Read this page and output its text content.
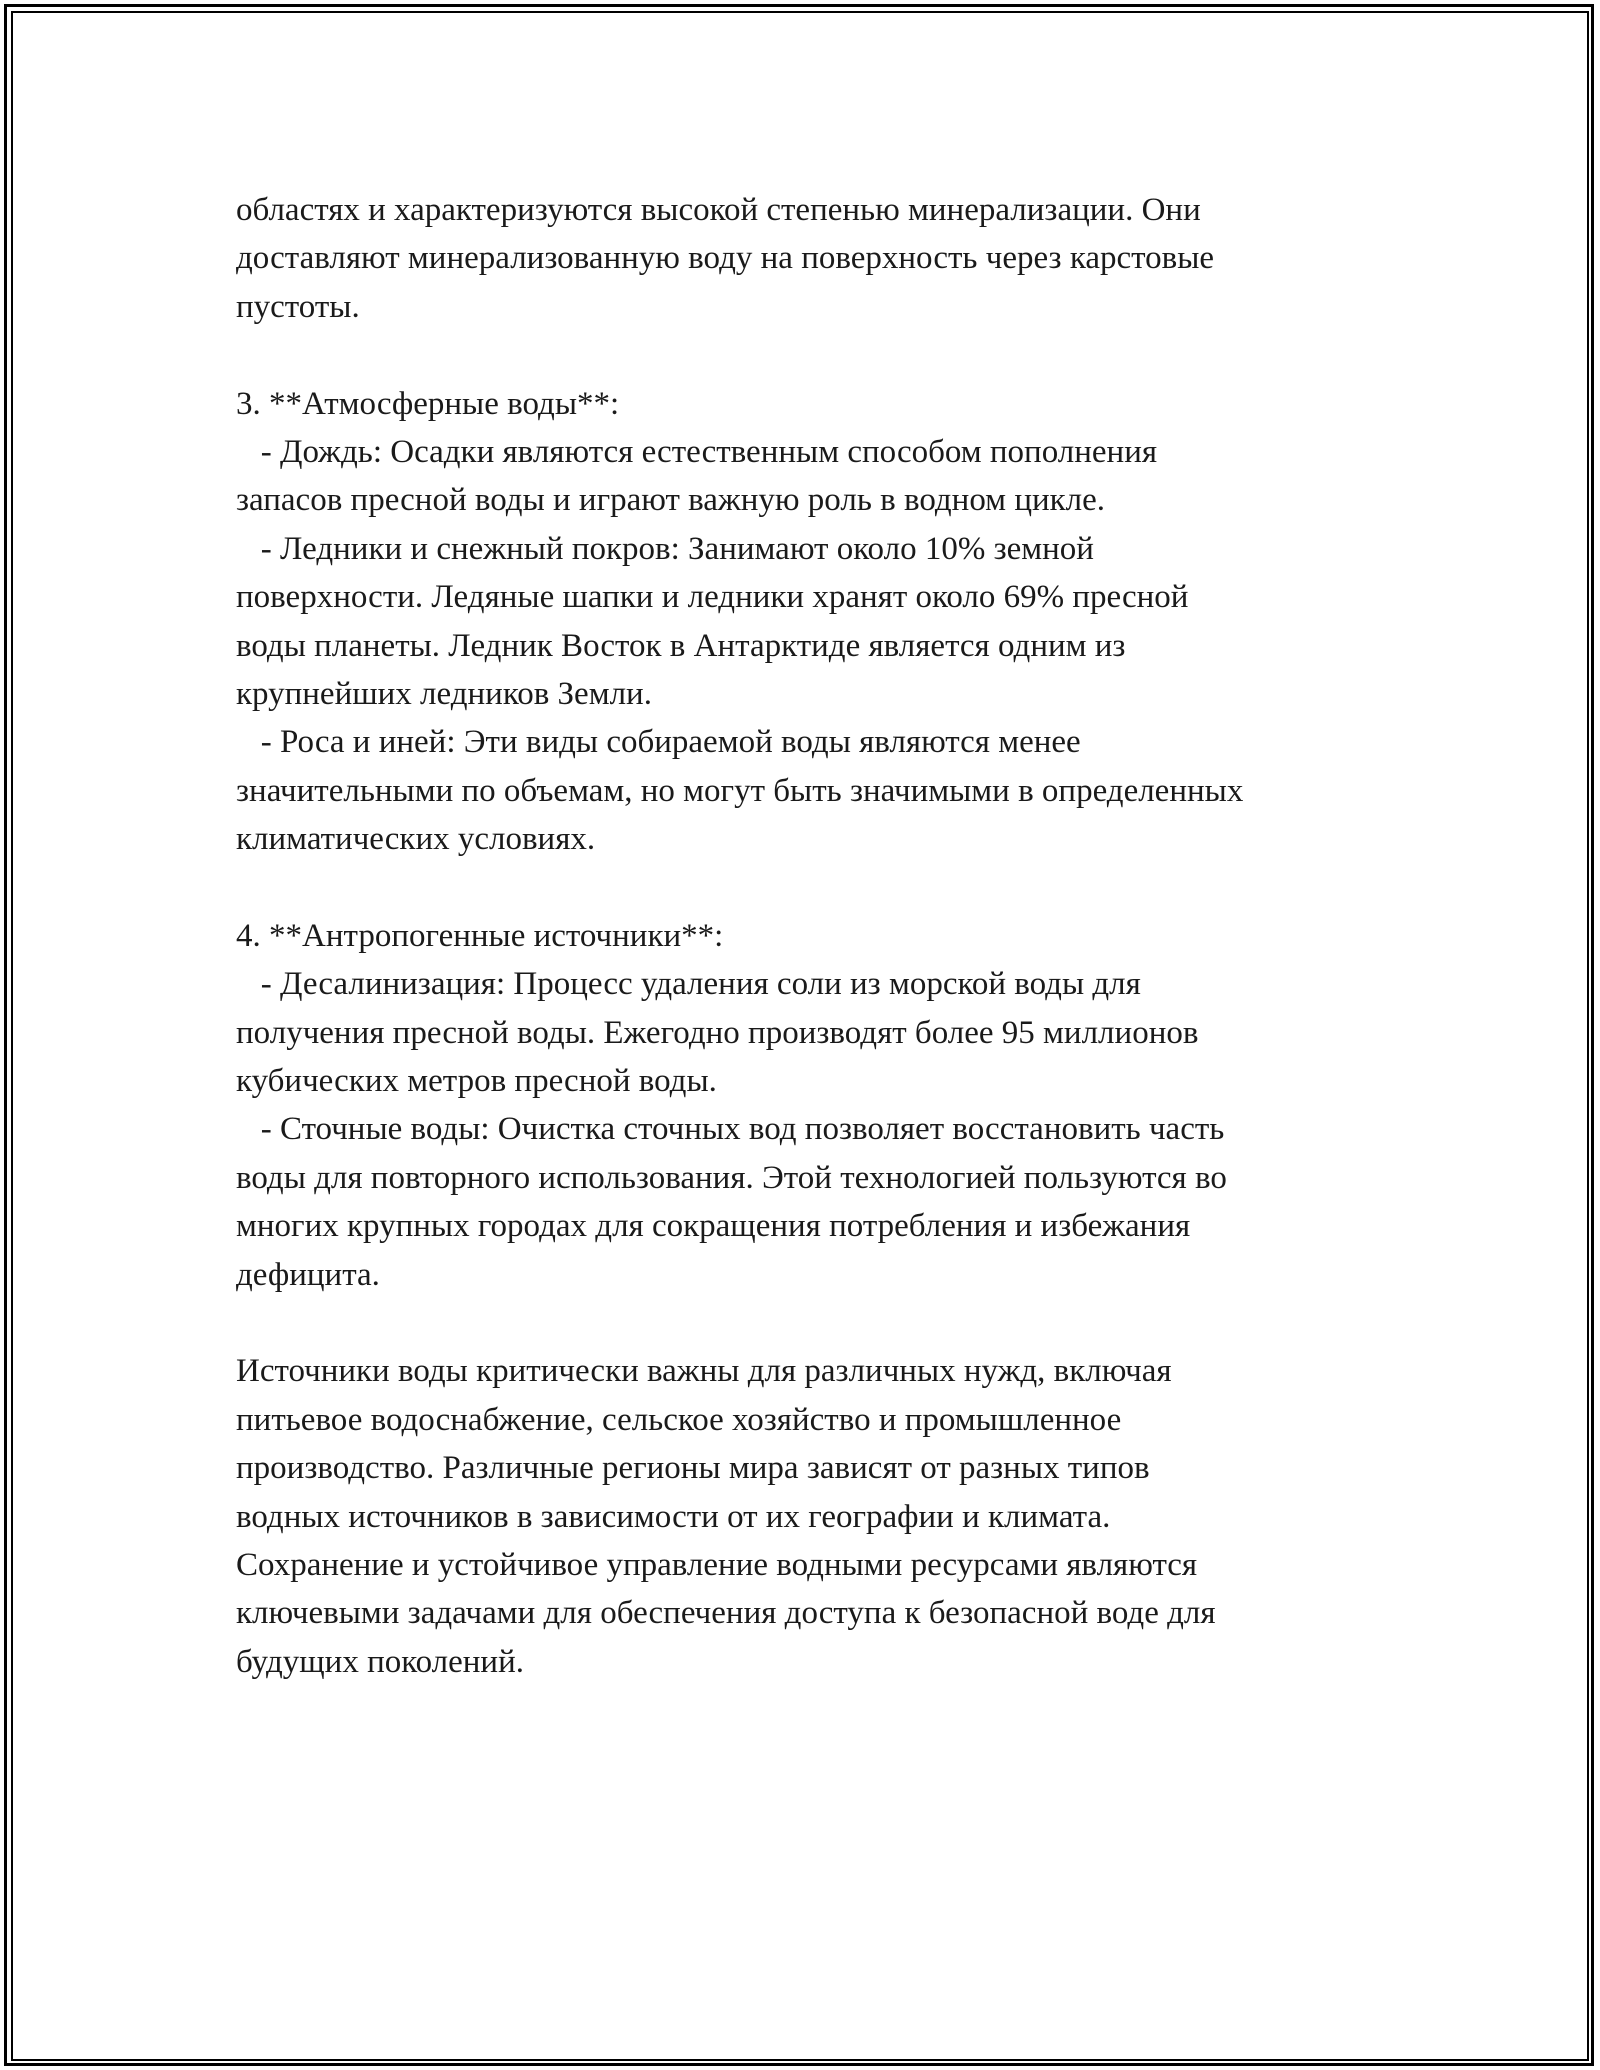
областях и характеризуются высокой степенью минерализации. Они
доставляют минерализованную воду на поверхность через карстовые
пустоты.
3. **Атмосферные воды**:
- Дождь: Осадки являются естественным способом пополнения
запасов пресной воды и играют важную роль в водном цикле.
- Ледники и снежный покров: Занимают около 10% земной
поверхности. Ледяные шапки и ледники хранят около 69% пресной
воды планеты. Ледник Восток в Антарктиде является одним из
крупнейших ледников Земли.
- Роса и иней: Эти виды собираемой воды являются менее
значительными по объемам, но могут быть значимыми в определенных
климатических условиях.
4. **Антропогенные источники**:
- Десалинизация: Процесс удаления соли из морской воды для
получения пресной воды. Ежегодно производят более 95 миллионов
кубических метров пресной воды.
- Сточные воды: Очистка сточных вод позволяет восстановить часть
воды для повторного использования. Этой технологией пользуются во
многих крупных городах для сокращения потребления и избежания
дефицита.
Источники воды критически важны для различных нужд, включая
питьевое водоснабжение, сельское хозяйство и промышленное
производство. Различные регионы мира зависят от разных типов
водных источников в зависимости от их географии и климата.
Сохранение и устойчивое управление водными ресурсами являются
ключевыми задачами для обеспечения доступа к безопасной воде для
будущих поколений.
